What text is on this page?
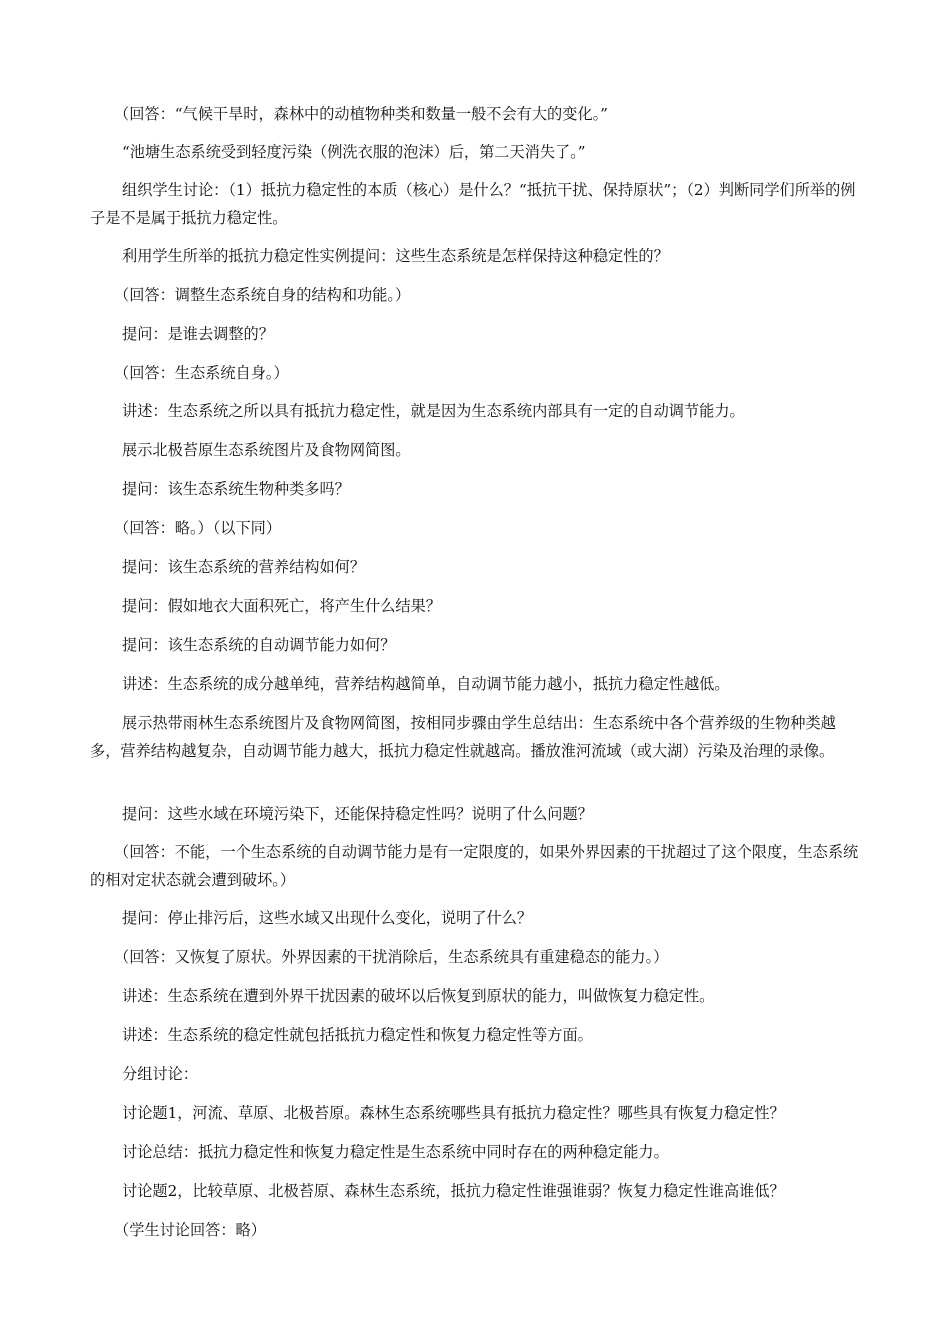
（回答：“气候干旱时，森林中的动植物种类和数量一般不会有大的变化。”

“池塘生态系统受到轻度污染（例洗衣服的泡沫）后，第二天消失了。”

组织学生讨论：（1）抵抗力稳定性的本质（核心）是什么？“抵抗干扰、保持原状”；（2）判断同学们所举的例子是不是属于抵抗力稳定性。

利用学生所举的抵抗力稳定性实例提问：这些生态系统是怎样保持这种稳定性的？

（回答：调整生态系统自身的结构和功能。）

提问：是谁去调整的？

（回答：生态系统自身。）

讲述：生态系统之所以具有抵抗力稳定性，就是因为生态系统内部具有一定的自动调节能力。

展示北极苔原生态系统图片及食物网简图。

提问：该生态系统生物种类多吗？

（回答：略。）（以下同）

提问：该生态系统的营养结构如何？

提问：假如地衣大面积死亡，将产生什么结果？

提问：该生态系统的自动调节能力如何？

讲述：生态系统的成分越单纯，营养结构越简单，自动调节能力越小，抵抗力稳定性越低。

展示热带雨林生态系统图片及食物网简图，按相同步骤由学生总结出：生态系统中各个营养级的生物种类越多，营养结构越复杂，自动调节能力越大，抵抗力稳定性就越高。播放淮河流域（或大湖）污染及治理的录像。

提问：这些水域在环境污染下，还能保持稳定性吗？说明了什么问题？

（回答：不能，一个生态系统的自动调节能力是有一定限度的，如果外界因素的干扰超过了这个限度，生态系统的相对定状态就会遭到破坏。）

提问：停止排污后，这些水域又出现什么变化，说明了什么？

（回答：又恢复了原状。外界因素的干扰消除后，生态系统具有重建稳态的能力。）

讲述：生态系统在遭到外界干扰因素的破坏以后恢复到原状的能力，叫做恢复力稳定性。

讲述：生态系统的稳定性就包括抵抗力稳定性和恢复力稳定性等方面。

分组讨论：

讨论题1，河流、草原、北极苔原。森林生态系统哪些具有抵抗力稳定性？哪些具有恢复力稳定性？

讨论总结：抵抗力稳定性和恢复力稳定性是生态系统中同时存在的两种稳定能力。

讨论题2，比较草原、北极苔原、森林生态系统，抵抗力稳定性谁强谁弱？恢复力稳定性谁高谁低？

（学生讨论回答：略）
